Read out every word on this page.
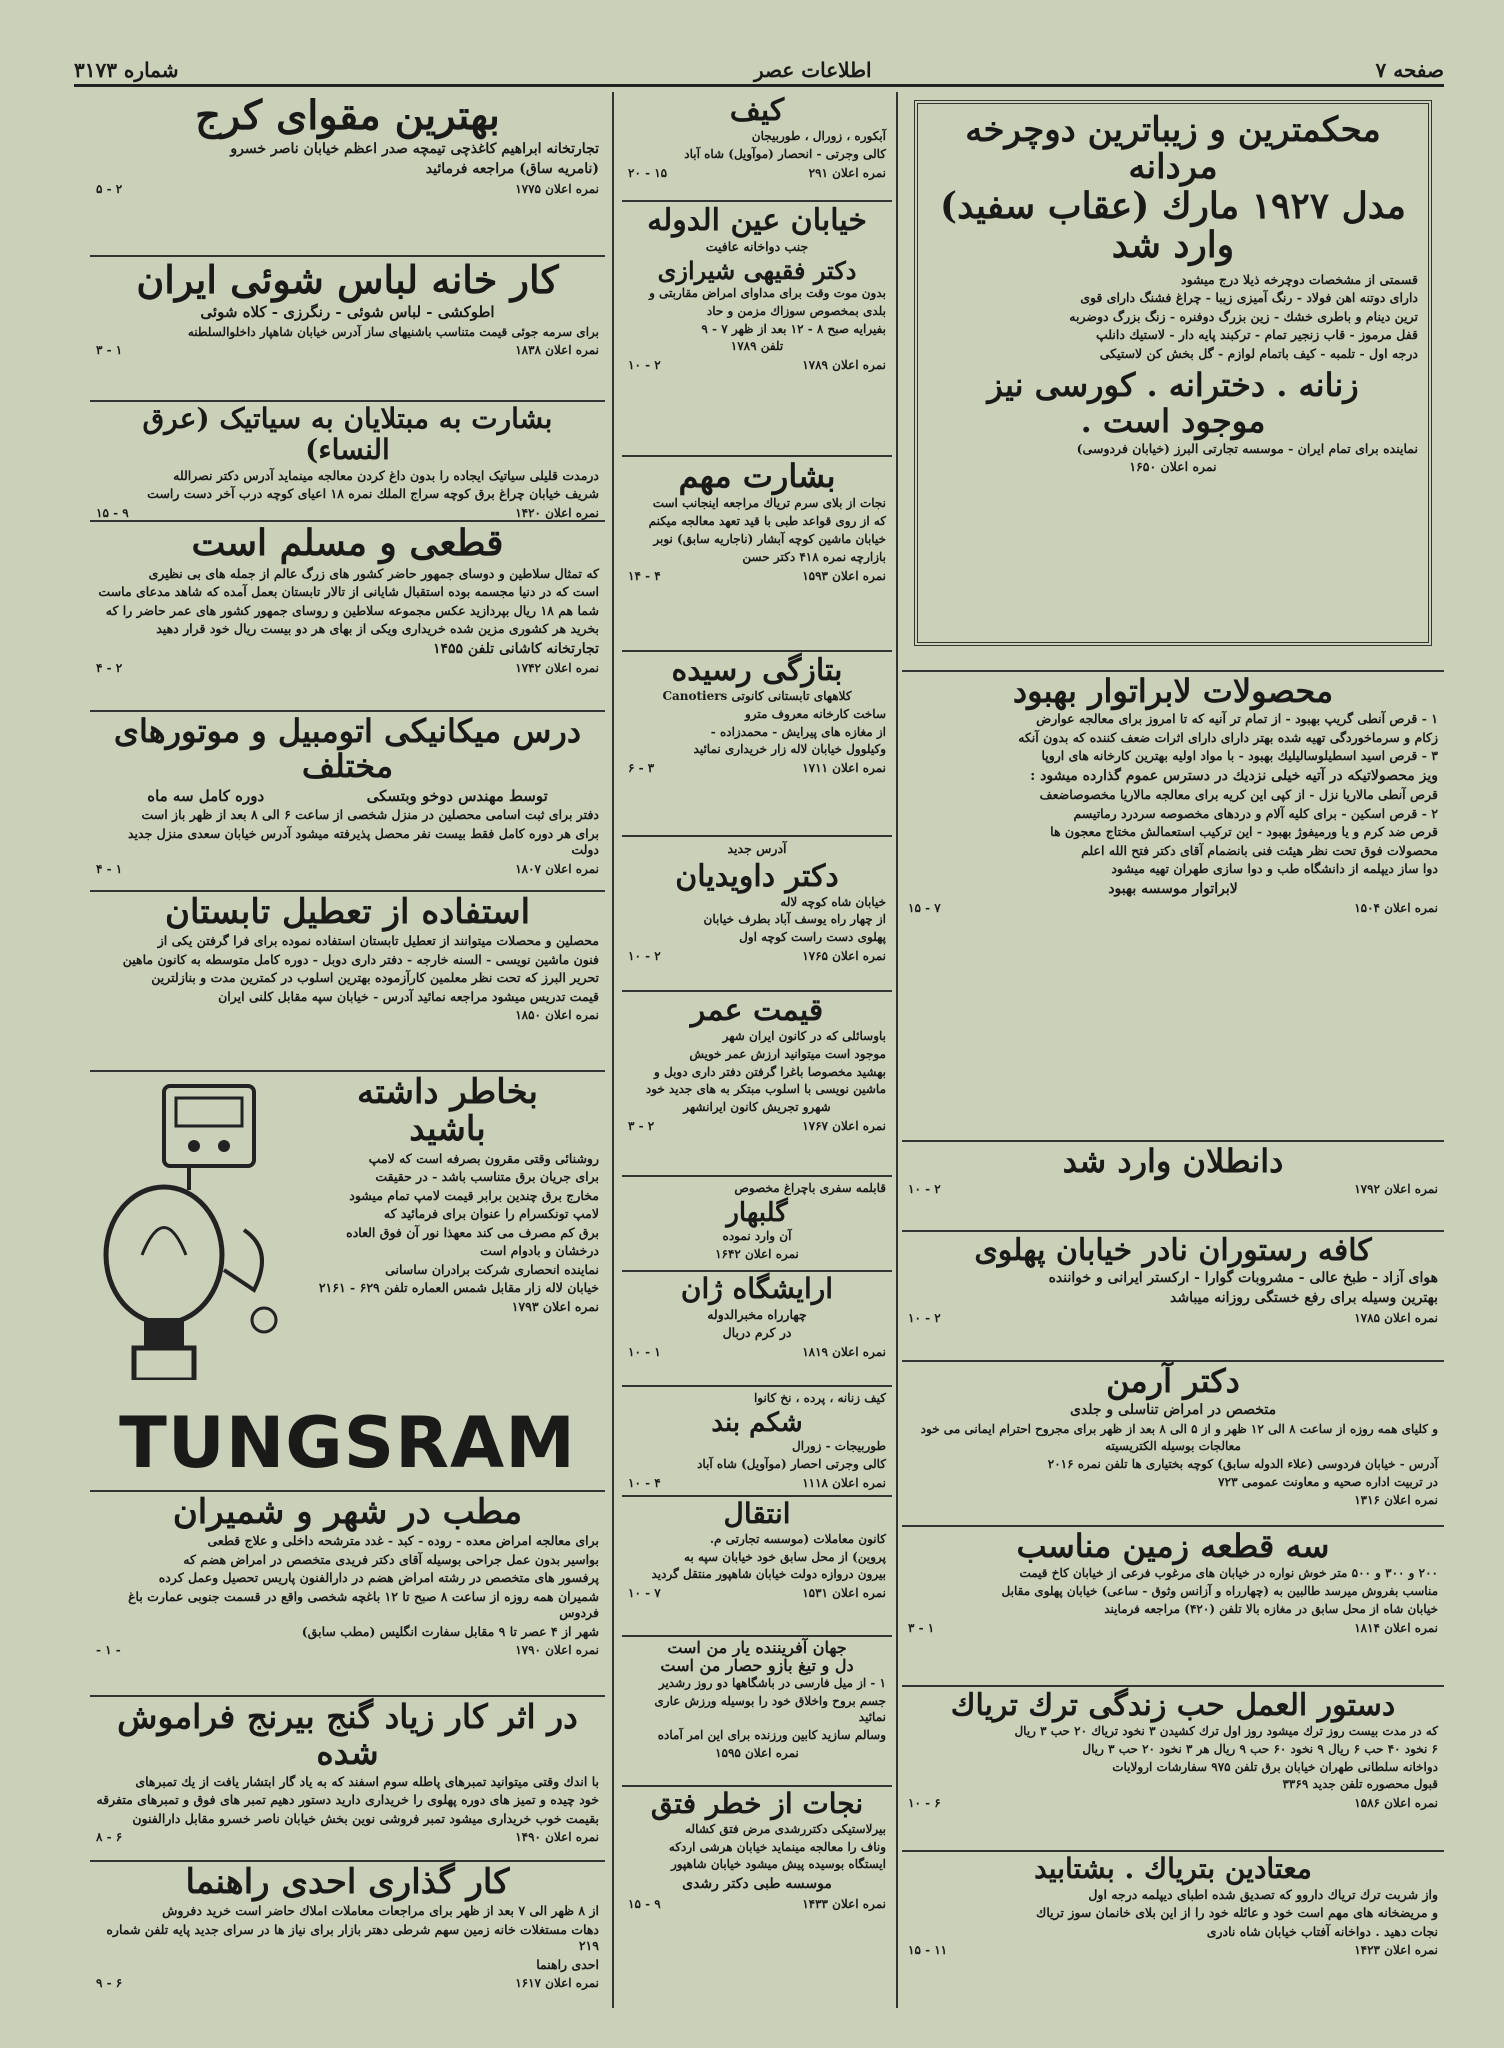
صفحه ۷
اطلاعات عصر
شماره ۳۱۷۳
بهترین مقوای کرج

تجارتخانه ابراهیم کاغذچی تیمچه صدر اعظم خیابان ناصر خسرو

(نامریه ساق) مراجعه فرمائید

نمره اعلان ۱۷۷۵
۲ - ۵
کار خانه لباس شوئی ایران

اطوکشی - لباس شوئی - رنگرزی - کلاه شوئی

برای سرمه جوئی قیمت متناسب باشنیهای ساز آدرس خیابان شاهپار داخلوالسلطنه

نمره اعلان ۱۸۳۸
۱ - ۳
بشارت به مبتلایان به سیاتیک (عرق النساء)

درمدت قلیلی سیاتیک ایجاده را بدون داغ کردن معالجه مینماید آدرس دکتر نصرالله

شریف خیابان چراغ برق کوچه سراج الملك نمره ۱۸ اعیای کوچه درب آخر دست راست

نمره اعلان ۱۴۲۰
۹ - ۱۵
قطعی و مسلم است

که تمثال سلاطین و دوسای جمهور حاضر کشور های زرگ عالم از جمله های بی نظیری

است که در دنیا مجسمه بوده استقبال شایانی از تالار تابستان بعمل آمده که شاهد مدعای ماست

شما هم ۱۸ ریال بپردازید عکس مجموعه سلاطین و روسای جمهور کشور های عمر حاضر را که

بخرید هر کشوری مزین شده خریداری ویکی از بهای هر دو بیست ریال خود قرار دهید

تجارتخانه کاشانی تلفن ۱۴۵۵

نمره اعلان ۱۷۴۲
۲ - ۴
درس میکانیکی اتومبیل و موتورهای مختلف
توسط مهندس دوخو وبتسکی
دوره کامل سه ماه

دفتر برای ثبت اسامی محصلین در منزل شخصی از ساعت ۶ الی ۸ بعد از ظهر باز است

برای هر دوره کامل فقط بیست نفر محصل پذیرفته میشود آدرس خیابان سعدی منزل جدید دولت

نمره اعلان ۱۸۰۷
۱ - ۴
استفاده از تعطیل تابستان

محصلین و محصلات میتوانند از تعطیل تابستان استفاده نموده برای فرا گرفتن یکی از

فنون ماشین نویسی - السنه خارجه - دفتر داری دوبل - دوره کامل متوسطه به کانون ماهین

تحریر البرز که تحت نظر معلمین کارآزموده بهترین اسلوب در کمترین مدت و بنازلترین

قیمت تدریس میشود مراجعه نمائید آدرس - خیابان سپه مقابل کلنی ایران

نمره اعلان ۱۸۵۰
بخاطر داشته
باشید

روشنائی وقتی مقرون بصرفه است که لامپ

برای جریان برق متناسب باشد - در حقیقت

مخارج برق چندین برابر قیمت لامپ تمام میشود

لامپ تونکسرام را عنوان برای فرمائید که

برق کم مصرف می کند معهذا نور آن فوق العاده

درخشان و بادوام است

نماینده انحصاری شرکت برادران ساسانی

خیابان لاله زار مقابل شمس العماره تلفن ۶۲۹ - ۲۱۶۱

نمره اعلان ۱۷۹۳

TUNGSRAM
مطب در شهر و شمیران

برای معالجه امراض معده - روده - کبد - غدد مترشحه داخلی و علاج قطعی

بواسیر بدون عمل جراحی بوسیله آقای دکتر فریدی متخصص در امراض هضم که

پرفسور های متخصص در رشته امراض هضم در دارالفنون پاریس تحصیل وعمل کرده

شمیران همه روزه از ساعت ۸ صبح تا ۱۲ باغچه شخصی واقع در قسمت جنوبی عمارت باغ فردوس

شهر از ۴ عصر تا ۹ مقابل سفارت انگلیس (مطب سابق)

نمره اعلان ۱۷۹۰
- ۱ -
در اثر کار زیاد گنج بیرنج فراموش شده

با اندك وقتی میتوانید تمبرهای پاطله سوم اسفند که به یاد گار ابتشار یافت از یك تمبرهای

خود چیده و تمیز های دوره پهلوی را خریداری دارید دستور دهیم تمبر های فوق و تمبرهای متفرقه

بقیمت خوب خریداری میشود تمبر فروشی نوین بخش خیابان ناصر خسرو مقابل دارالفنون

نمره اعلان ۱۴۹۰
۶ - ۸
کار گذاری احدی راهنما

از ۸ ظهر الی ۷ بعد از ظهر برای مراجعات معاملات املاك حاضر است خرید دفروش

دهات مستغلات خانه زمین سهم شرطی دهتر بازار برای نیاز ها در سرای جدید پایه تلفن شماره ۲۱۹

احدی راهنما

نمره اعلان ۱۶۱۷
۶ - ۹
کیف

آبکوره ، زورال ، طوربیجان

کالی وجرتی - انحصار (موآویل) شاه آباد

نمره اعلان ۲۹۱
۱۵ - ۲۰
خیابان عین الدوله

جنب دواخانه عافیت

دکتر فقیهی شیرازی

بدون موت وقت برای مداوای امراض مقاربتی و

بلدی بمخصوص سوزاك مزمن و حاد

بفیرایه صبح ۸ - ۱۲ بعد از ظهر ۷ - ۹

تلفن ۱۷۸۹

نمره اعلان ۱۷۸۹
۲ - ۱۰
بشارت مهم

نجات از بلای سرم تریاك مراجعه اینجانب است

که از روی قواعد طبی با قید تعهد معالجه میکنم

خیابان ماشین کوچه آبشار (ناجاریه سابق) نوبر

بازارچه نمره ۴۱۸ دکتر حسن

نمره اعلان ۱۵۹۳
۴ - ۱۴
بتازگی رسیده

کلاههای تابستانی کانوتی Canotiers

ساخت کارخانه معروف مترو

از مغازه های پیرایش - محمدزاده -

وکیلوول خیابان لاله زار خریداری نمائید

نمره اعلان ۱۷۱۱
۳ - ۶

آدرس جدید

دکتر داویدیان

خیابان شاه کوچه لاله

از چهار راه یوسف آباد بطرف خیابان

پهلوی دست راست کوچه اول

نمره اعلان ۱۷۶۵
۲ - ۱۰
قیمت عمر

باوسائلی که در کانون ایران شهر

موجود است میتوانید ارزش عمر خویش

بهشید مخصوصا باغرا گرفتن دفتر داری دوبل و

ماشین نویسی با اسلوب مبتکر به های جدید خود

شهرو تجریش کانون ایرانشهر

نمره اعلان ۱۷۶۷
۲ - ۳

قابلمه سفری باچراغ مخصوص

گلبهار

آن وارد نموده

نمره اعلان ۱۶۴۲

ارایشگاه ژان

چهارراه مخبرالدوله

در کرم دربال

نمره اعلان ۱۸۱۹
۱ - ۱۰

کیف زنانه ، پرده ، نخ کانوا

شکم بند

طوربیجات - زورال

کالی وجرتی احصار (موآویل) شاه آباد

نمره اعلان ۱۱۱۸
۴ - ۱۰
انتقال

کانون معاملات (موسسه تجارتی م.

پروین) از محل سابق خود خیابان سپه به

بیرون دروازه دولت خیابان شاهپور منتقل گردید

نمره اعلان ۱۵۳۱
۷ - ۱۰
جهان آفریننده یار من است
دل و تیغ بازو حصار من است

۱ - از میل فارسی در باشگاهها دو روز رشدیر

جسم بروح واخلاق خود را بوسیله ورزش عاری نمائید

وسالم سازید کابین ورزنده برای این امر آماده

نمره اعلان ۱۵۹۵

نجات از خطر فتق

بیرلاستیکی دکتررشدی مرض فتق کشاله

وناف را معالجه مینماید خیابان هرشی اردکه

ایستگاه بوسیده پیش میشود خیابان شاهپور

موسسه طبی دکتر رشدی

نمره اعلان ۱۴۳۳
۹ - ۱۵
محکمترین و زیباترین دوچرخه
مردانه
مدل ۱۹۲۷ مارك (عقاب سفید)
وارد شد

قسمتی از مشخصات دوچرخه ذیلا درج میشود

دارای دوتنه اهن فولاد - رنگ آمیزی زیبا - چراغ فشنگ دارای قوی

ترین دینام و باطری خشك - زین بزرگ دوفنره - زنگ بزرگ دوضربه

قفل مرموز - قاب زنجیر تمام - ترکبند پایه دار - لاستیك دانلپ

درجه اول - تلمبه - کیف باتمام لوازم - گل بخش کن لاستیکی

زنانه . دخترانه . کورسی نیز
موجود است .

نماینده برای تمام ایران - موسسه تجارتی البرز (خیابان فردوسی)

نمره اعلان ۱۶۵۰

محصولات لابراتوار بهبود

۱ - قرص آنطی گریپ بهبود - از تمام تر آنیه که تا امروز برای معالجه عوارض

زکام و سرماخوردگی تهیه شده بهتر دارای دارای اثرات ضعف کننده که بدون آنکه

۳ - قرص اسید اسطیلوسالیلیك بهبود - با مواد اولیه بهترین کارخانه های اروپا

ویز محصولاتیکه در آتیه خیلی نزدیك در دسترس عموم گذارده میشود :

قرص آنطی مالاریا نزل - از کپی این کریه برای معالجه مالاریا مخصوصاضعف

۲ - قرص اسکین - برای کلیه آلام و دردهای مخصوصه سردرد رماتیسم

قرص ضد کرم و یا ورمیفوژ بهبود - این ترکیب استعمالش مختاج معجون ها

محصولات فوق تحت نظر هیئت فنی بانضمام آقای دکتر فتح الله اعلم

دوا ساز دیپلمه از دانشگاه طب و دوا سازی طهران تهیه میشود

لابراتوار موسسه بهبود

نمره اعلان ۱۵۰۴
۷ - ۱۵
دانطلان وارد شد
نمره اعلان ۱۷۹۲
۲ - ۱۰
کافه رستوران نادر خیابان پهلوی

هوای آزاد - طبخ عالی - مشروبات گوارا - ارکستر ایرانی و خواننده

بهترین وسیله برای رفع خستگی روزانه میباشد

نمره اعلان ۱۷۸۵
۲ - ۱۰
دکتر آرمن

متخصص در امراض تناسلی و جلدی

و کلیای همه روزه از ساعت ۸ الی ۱۲ ظهر و از ۵ الی ۸ بعد از ظهر برای مجروح احترام ایمانی می خود

معالجات بوسیله الکتریسیته

آدرس - خیابان فردوسی (علاء الدوله سابق) کوچه بختیاری ها تلفن نمره ۲۰۱۶

در تربیت اداره صحیه و معاونت عمومی ۷۲۳

نمره اعلان ۱۳۱۶

سه قطعه زمین مناسب

۲۰۰ و ۳۰۰ و ۵۰۰ متر خوش نواره در خیابان های مرغوب فرعی از خیابان کاخ قیمت

مناسب بفروش میرسد طالبین به (چهارراه و آزانس وثوق - ساعی) خیابان پهلوی مقابل

خیابان شاه از محل سابق در مغازه بالا تلفن (۴۲۰) مراجعه فرمایند

نمره اعلان ۱۸۱۴
۱ - ۳
دستور العمل حب زندگی ترك تریاك

که در مدت بیست روز ترك میشود روز اول ترك کشیدن ۳ نخود تریاك ۲۰ حب ۳ ریال

۶ نخود ۴۰ حب ۶ ریال ۹ نخود ۶۰ حب ۹ ریال هر ۳ نخود ۲۰ حب ۳ ریال

دواخانه سلطانی طهران خیابان برق تلفن ۹۷۵ سفارشات ارولایات

قبول محصوره تلفن جدید ۳۳۶۹

نمره اعلان ۱۵۸۶
۶ - ۱۰
معتادین بتریاك . بشتابید

واز شربت ترك تریاك داروو که تصدیق شده اطبای دیپلمه درجه اول

و مریضخانه های مهم است خود و عائله خود را از این بلای خانمان سوز تریاك

نجات دهید . دواخانه آفتاب خیابان شاه نادری

نمره اعلان ۱۴۲۳
۱۱ - ۱۵
